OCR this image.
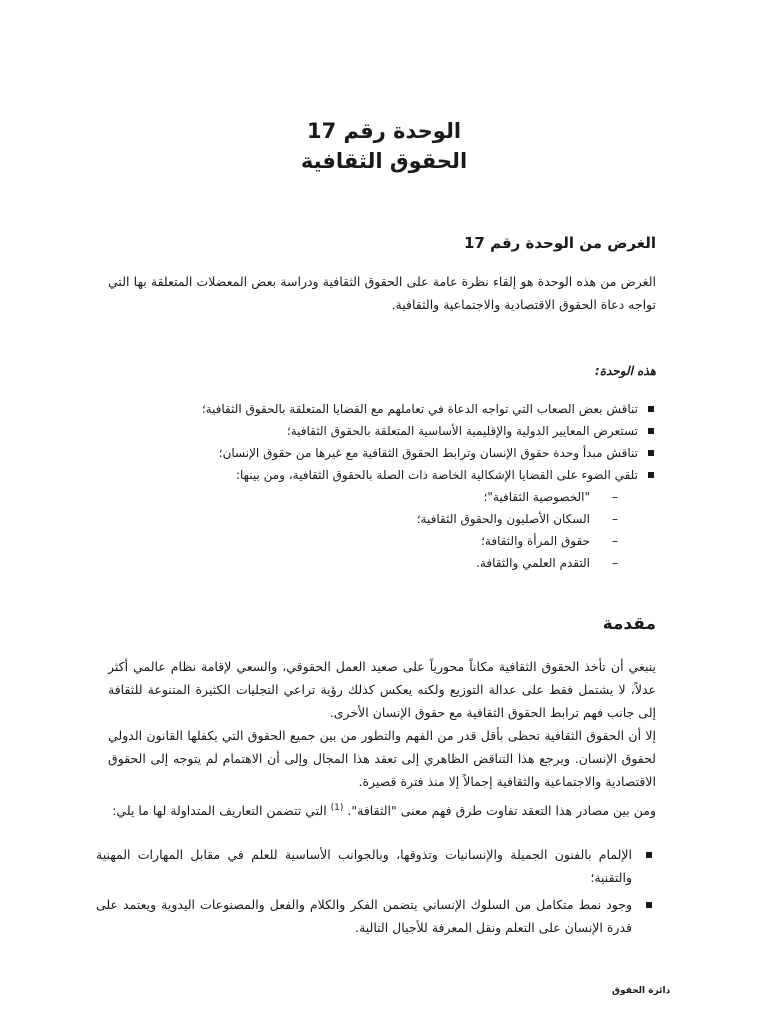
الوحدة رقم 17
الحقوق الثقافية
الغرض من الوحدة رقم 17
الغرض من هذه الوحدة هو إلقاء نظرة عامة على الحقوق الثقافية ودراسة بعض المعضلات المتعلقة بها التي تواجه دعاة الحقوق الاقتصادية والاجتماعية والثقافية.
هذه الوحدة:
تناقش بعض الصعاب التي تواجه الدعاة في تعاملهم مع القضايا المتعلقة بالحقوق الثقافية؛
تستعرض المعايير الدولية والإقليمية الأساسية المتعلقة بالحقوق الثقافية؛
تناقش مبدأ وحدة حقوق الإنسان وترابط الحقوق الثقافية مع غيرها من حقوق الإنسان؛
تلقي الضوء على القضايا الإشكالية الخاصة ذات الصلة بالحقوق الثقافية، ومن بينها:
– "الخصوصية الثقافية"؛
– السكان الأصليون والحقوق الثقافية؛
– حقوق المرأة والثقافة؛
– التقدم العلمي والثقافة.
مقدمة
ينبغي أن تأخذ الحقوق الثقافية مكاناً محورياً على صعيد العمل الحقوقي، والسعي لإقامة نظام عالمي أكثر عدلاً، لا يشتمل فقط على عدالة التوزيع ولكنه يعكس كذلك رؤية تراعي التجليات الكثيرة المتنوعة للثقافة إلى جانب فهم ترابط الحقوق الثقافية مع حقوق الإنسان الأخرى.
إلا أن الحقوق الثقافية تحظى بأقل قدر من الفهم والتطور من بين جميع الحقوق التي يكفلها القانون الدولي لحقوق الإنسان. ويرجع هذا التناقض الظاهري إلى تعقد هذا المجال وإلى أن الاهتمام لم يتوجه إلى الحقوق الاقتصادية والاجتماعية والثقافية إجمالاً إلا منذ فترة قصيرة.
ومن بين مصادر هذا التعقد تفاوت طرق فهم معنى "الثقافة". $^{(1)}$ التي تتضمن التعاريف المتداولة لها ما يلي:
الإلمام بالفنون الجميلة والإنسانيات وتذوقها، وبالجوانب الأساسية للعلم في مقابل المهارات المهنية والتقنية؛
وجود نمط متكامل من السلوك الإنساني يتضمن الفكر والكلام والفعل والمصنوعات اليدوية ويعتمد على قدرة الإنسان على التعلم ونقل المعرفة للأجيال التالية.
دائرة الحقوق
